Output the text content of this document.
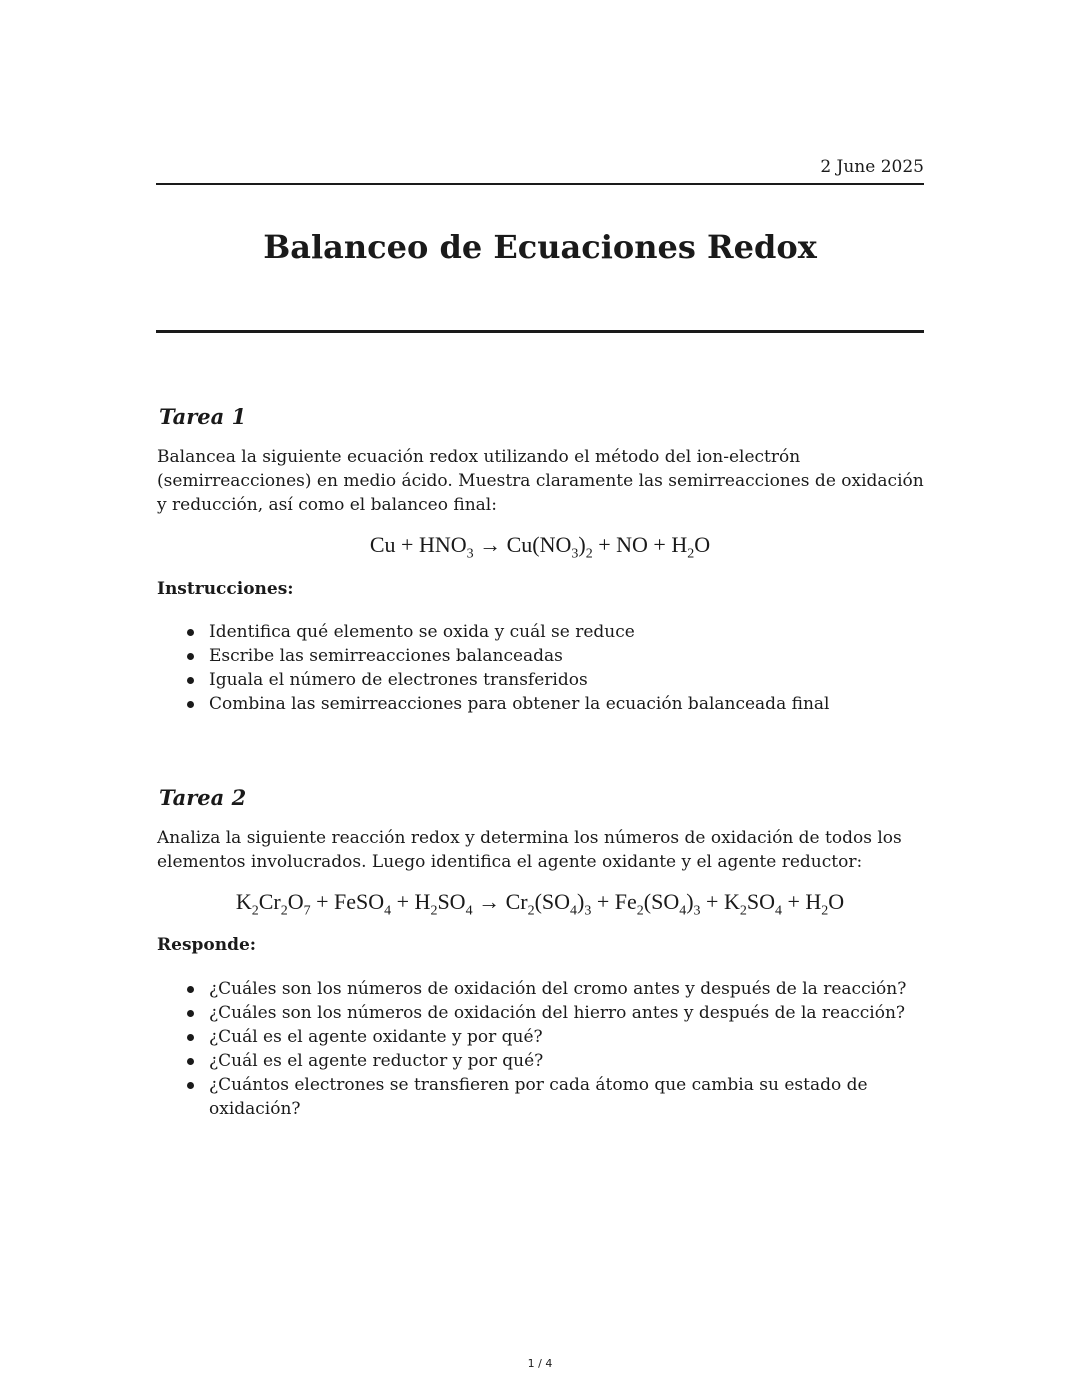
2 June 2025
Balanceo de Ecuaciones Redox
Tarea 1

Balancea la siguiente ecuación redox utilizando el método del ion-electrón (semirreacciones) en medio ácido. Muestra claramente las semirreacciones de oxidación y reducción, así como el balanceo final:

$Cu + HNO_3 \to Cu(NO_3)_2$ + NO + $H_2O$
Instrucciones:
Identifica qué elemento se oxida y cuál se reduce
Escribe las semirreacciones balanceadas
Iguala el número de electrones transferidos
Combina las semirreacciones para obtener la ecuación balanceada final
Tarea 2

Analiza la siguiente reacción redox y determina los números de oxidación de todos los elementos involucrados. Luego identifica el agente oxidante y el agente reductor:

$K_2Cr_2O_7$ + FeSO$_4$ + $H_2SO_4 \to Cr_2(SO_4)_3 + Fe_2(SO_4)_3 + K_2SO_4 + H_2O$
Responde:
¿Cuáles son los números de oxidación del cromo antes y después de la reacción?
¿Cuáles son los números de oxidación del hierro antes y después de la reacción?
¿Cuál es el agente oxidante y por qué?
¿Cuál es el agente reductor y por qué?
¿Cuántos electrones se transfieren por cada átomo que cambia su estado de oxidación?
1 / 4
